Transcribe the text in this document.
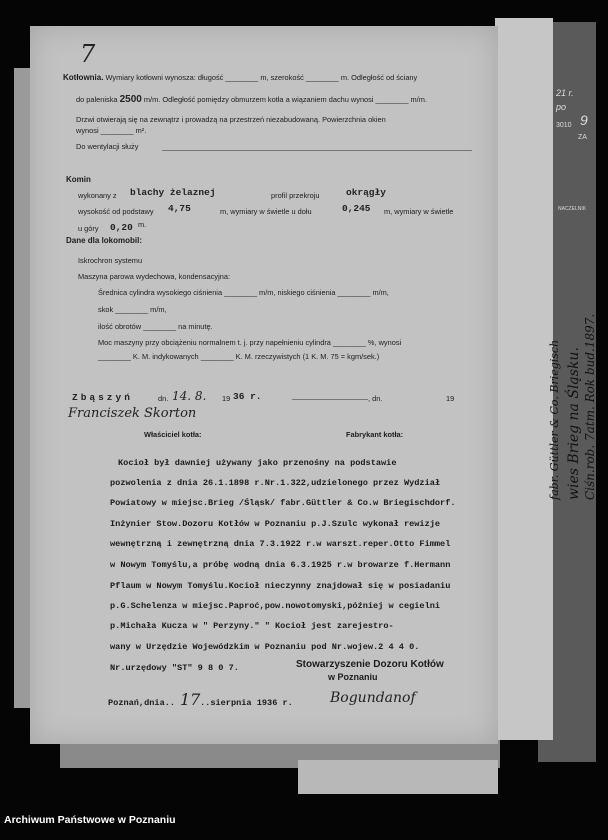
21 r.
po
3010 9
ZA
NACZELNIK
fabr. Güttler & Co. Briegisch wies Brieg na Śląsku. Ciśn.rob. 7atm. Rok bud.1897.
7
Kotłownia. Wymiary kotłowni wynosza: długość ________ m, szerokość ________ m. Odległość od ściany
do paleniska 2500 m/m. Odległość pomiędzy obmurzem kotła a wiązaniem dachu wynosi ________ m/m.
Drzwi otwierają się na zewnątrz i prowadzą na przestrzeń niezabudowaną. Powierzchnia okien
wynosi ________ m².
Do wentylacji służy
Komin
wykonany z blachy żelaznej	profil przekroju	okrągły
wysokość od podstawy 4,75	m, wymiary w świetle u dołu	0,245 m, wymiary w świetle
u góry 0,20 m.
Dane dla lokomobil:
Iskrochron systemu
Maszyna parowa wydechowa, kondensacyjna:
Średnica cylindra wysokiego ciśnienia ________ m/m, niskiego ciśnienia ________ m/m,
skok ________ m/m,
ilość obrotów ________ na minutę.
Moc maszyny przy obciążeniu normalnem t. j. przy napełnieniu cylindra ________ %, wynosi
________ K. M. indykowanych ________ K. M. rzeczywistych (1 K. M. 75 = kgm/sek.)
Zbąszyń	dn. 14. 8. 19 36 r.	, dn.	19
Franciszek Skorton
Właściciel kotła:	Fabrykant kotła:
Kocioł był dawniej używany jako przenośny na podstawie
pozwolenia z dnia 26.1.1898 r.Nr.1.322,udzielonego przez Wydział
Powiatowy w miejsc.Brieg /Śląsk/ fabr.Güttler & Co.w Briegischdorf.
Inżynier Stow.Dozoru Kotłów w Poznaniu p.J.Szulc wykonał rewizje
wewnętrzną i zewnętrzną dnia 7.3.1922 r.w warszt.reper.Otto Fimmel
w Nowym Tomyślu,a próbę wodną dnia 6.3.1925 r.w browarze f.Hermann
Pflaum w Nowym Tomyślu.Kocioł nieczynny znajdował się w posiadaniu
p.G.Schelenza w miejsc.Paproć,pow.nowotomyski,później w cegielni
p.Michała Kucza w " Perzyny." " Kocioł jest zarejestro-
wany w Urzędzie Wojewódzkim w Poznaniu pod Nr.wojew.2 4 4 0.
Nr.urzędowy "ST" 9 8 0 7.	Stowarzyszenie Dozoru Kotłów
w Poznaniu
Poznań,dnia.. 17 ..sierpnia 1936 r.	Bogundanof
Archiwum Państwowe w Poznaniu
